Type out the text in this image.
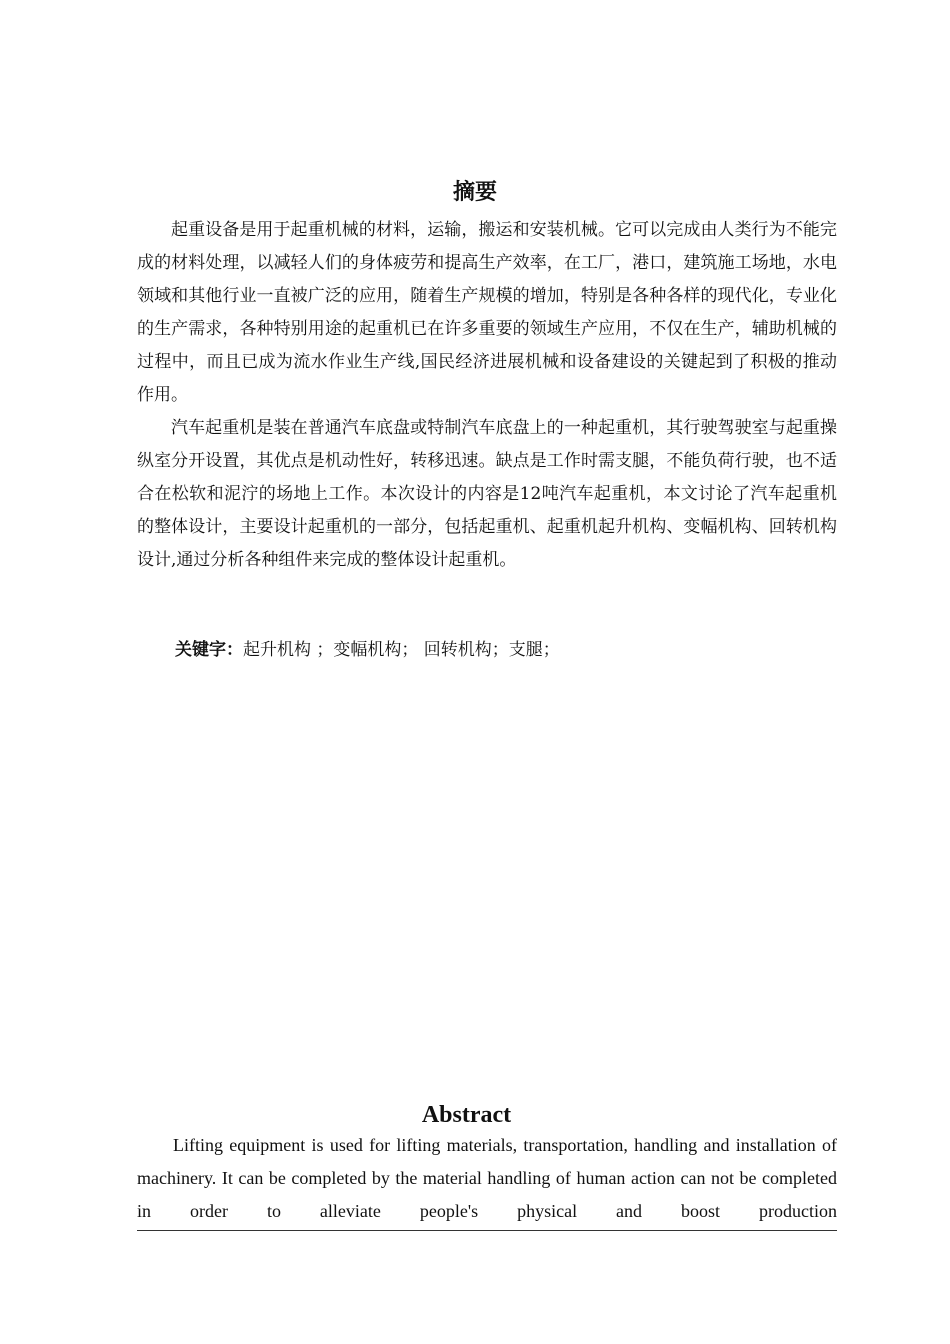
摘要

起重设备是用于起重机械的材料，运输，搬运和安装机械。它可以完成由人类行为不能完成的材料处理，以减轻人们的身体疲劳和提高生产效率，在工厂，港口，建筑施工场地，水电领域和其他行业一直被广泛的应用，随着生产规模的增加，特别是各种各样的现代化，专业化的生产需求，各种特别用途的起重机已在许多重要的领域生产应用，不仅在生产，辅助机械的过程中，而且已成为流水作业生产线,国民经济进展机械和设备建设的关键起到了积极的推动作用。

汽车起重机是装在普通汽车底盘或特制汽车底盘上的一种起重机，其行驶驾驶室与起重操纵室分开设置，其优点是机动性好，转移迅速。缺点是工作时需支腿，不能负荷行驶，也不适合在松软和泥泞的场地上工作。本次设计的内容是12吨汽车起重机，本文讨论了汽车起重机的整体设计，主要设计起重机的一部分，包括起重机、起重机起升机构、变幅机构、回转机构设计,通过分析各种组件来完成的整体设计起重机。

关键字：起升机构 ；变幅机构； 回转机构；支腿；
Abstract

Lifting equipment is used for lifting materials, transportation, handling and installation of machinery. It can be completed by the material handling of human action can not be completed in order to alleviate people's physical and boost production
